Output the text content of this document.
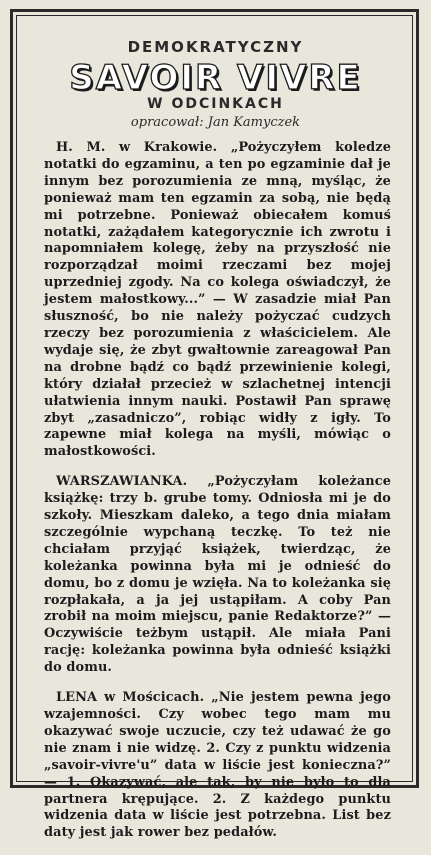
DEMOKRATYCZNY
SAVOIR VIVRE
W ODCINKACH
opracował: Jan Kamyczek

H. M. w Krakowie. „Pożyczyłem koledze notatki do egzaminu, a ten po egzaminie dał je innym bez porozumienia ze mną, myśląc, że ponieważ mam ten egzamin za sobą, nie będą mi potrzebne. Ponieważ obiecałem komuś notatki, zażądałem kategorycznie ich zwrotu i napomniałem kolegę, żeby na przyszłość nie rozporządzał moimi rzeczami bez mojej uprzedniej zgody. Na co kolega oświadczył, że jestem małostkowy...” — W zasadzie miał Pan słuszność, bo nie należy pożyczać cudzych rzeczy bez porozumienia z właścicielem. Ale wydaje się, że zbyt gwałtownie zareagował Pan na drobne bądź co bądź przewinienie kolegi, który działał przecież w szlachetnej intencji ułatwienia innym nauki. Postawił Pan sprawę zbyt „zasadniczo”, robiąc widły z igły. To zapewne miał kolega na myśli, mówiąc o małostkowości.

WARSZAWIANKA. „Pożyczyłam koleżance książkę: trzy b. grube tomy. Odniosła mi je do szkoły. Mieszkam daleko, a tego dnia miałam szczególnie wypchaną teczkę. To też nie chciałam przyjąć książek, twierdząc, że koleżanka powinna była mi je odnieść do domu, bo z domu je wzięła. Na to koleżanka się rozpłakała, a ja jej ustąpiłam. A coby Pan zrobił na moim miejscu, panie Redaktorze?” — Oczywiście teżbym ustąpił. Ale miała Pani rację: koleżanka powinna była odnieść książki do domu.

LENA w Mościcach. „Nie jestem pewna jego wzajemności. Czy wobec tego mam mu okazywać swoje uczucie, czy też udawać że go nie znam i nie widzę. 2. Czy z punktu widzenia „savoir-vivre'u” data w liście jest konieczna?” — 1. Okazywać, ale tak, by nie było to dla partnera krępujące. 2. Z każdego punktu widzenia data w liście jest potrzebna. List bez daty jest jak rower bez pedałów.
